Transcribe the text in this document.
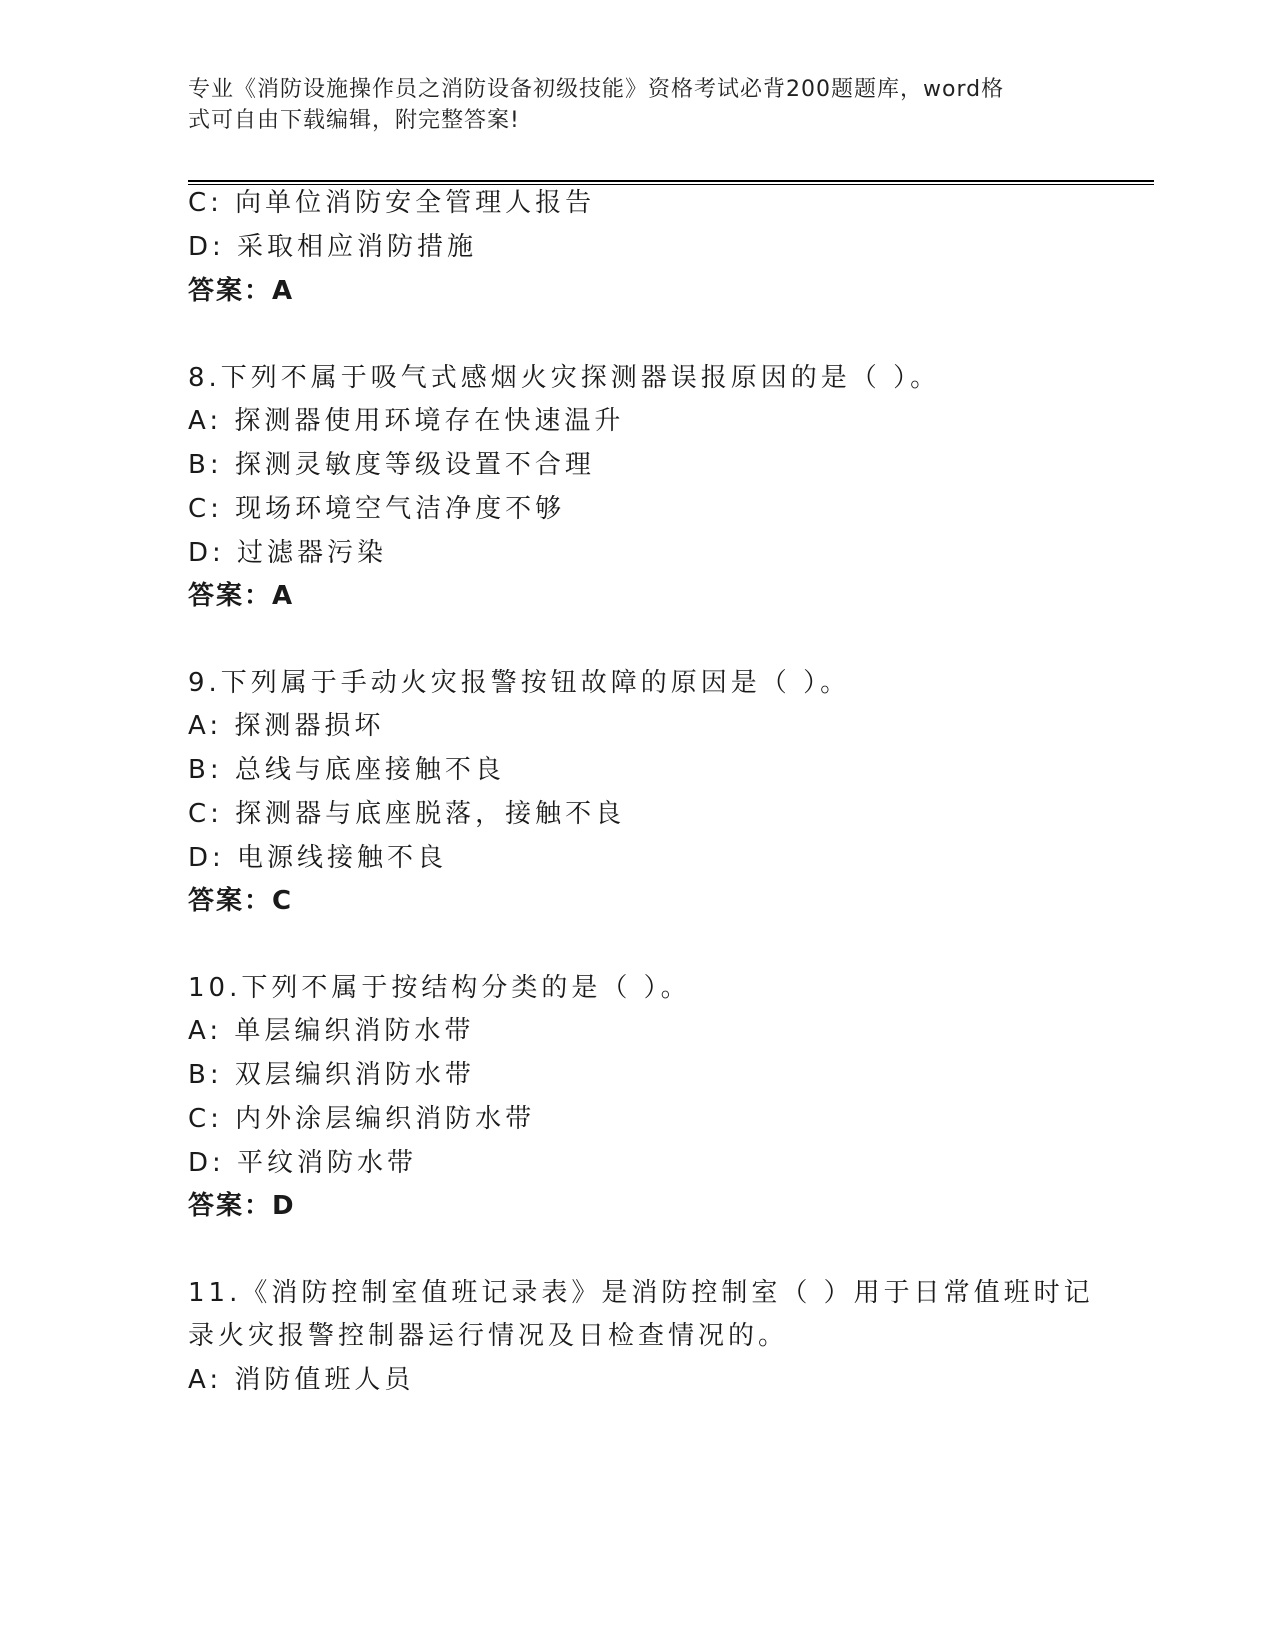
专业《消防设施操作员之消防设备初级技能》资格考试必背200题题库，word格
式可自由下载编辑，附完整答案!
C: 向单位消防安全管理人报告
D: 采取相应消防措施
答案：A
8.下列不属于吸气式感烟火灾探测器误报原因的是（ ）。
A: 探测器使用环境存在快速温升
B: 探测灵敏度等级设置不合理
C: 现场环境空气洁净度不够
D: 过滤器污染
答案：A
9.下列属于手动火灾报警按钮故障的原因是（ ）。
A: 探测器损坏
B: 总线与底座接触不良
C: 探测器与底座脱落，接触不良
D: 电源线接触不良
答案：C
10.下列不属于按结构分类的是（ ）。
A: 单层编织消防水带
B: 双层编织消防水带
C: 内外涂层编织消防水带
D: 平纹消防水带
答案：D
11.《消防控制室值班记录表》是消防控制室（ ）用于日常值班时记
录火灾报警控制器运行情况及日检查情况的。
A: 消防值班人员
